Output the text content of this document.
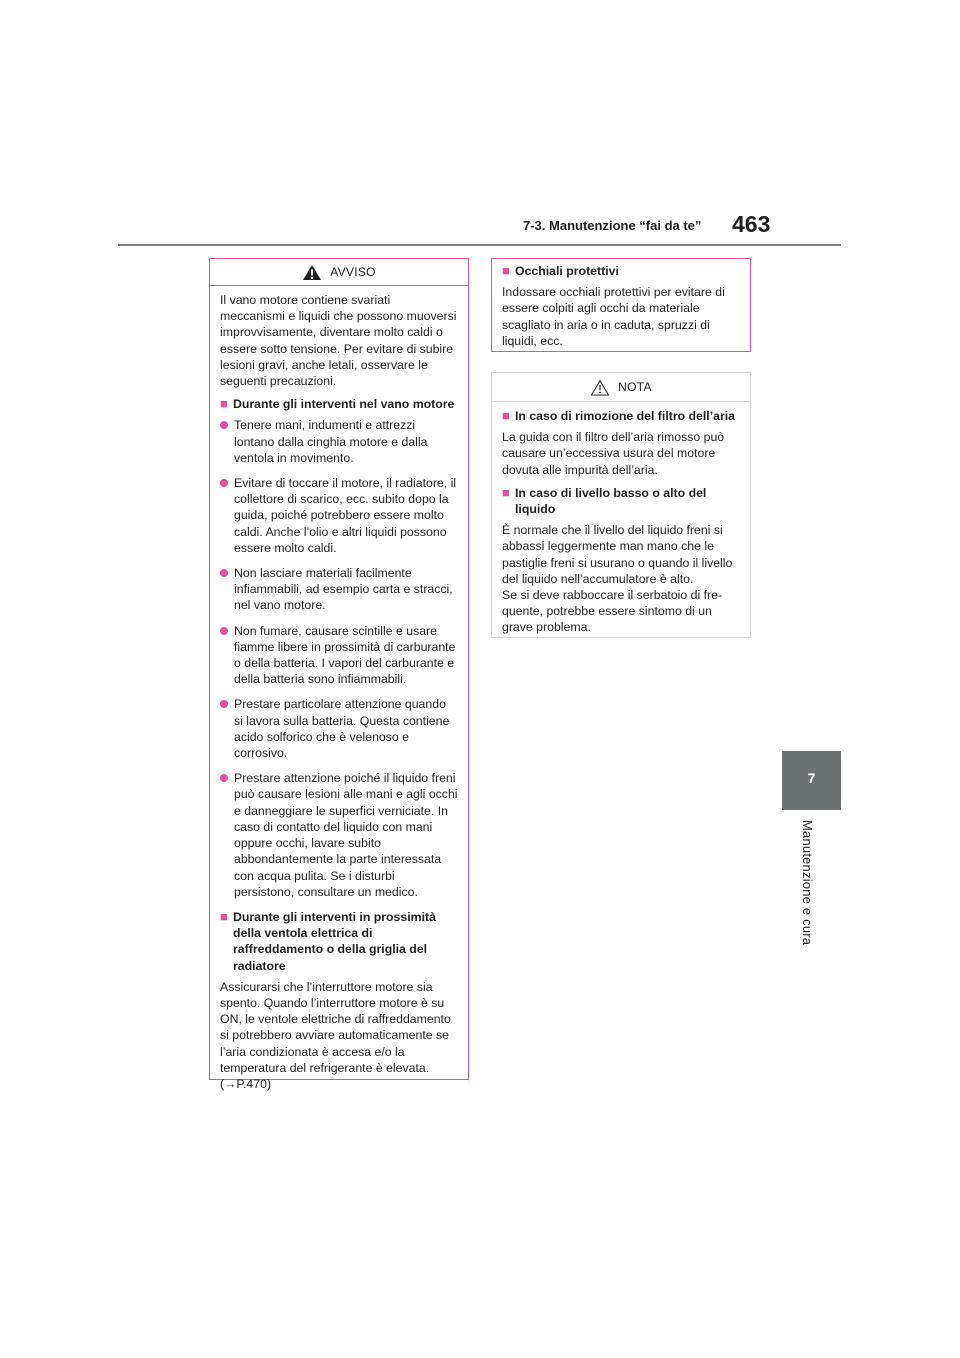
7-3. Manutenzione “fai da te” 463
7
Manutenzione e cura
AVVISO

Il vano motore contiene svariati meccanismi e liquidi che possono muoversi improvvisamente, diventare molto caldi o essere sotto tensione. Per evitare di subire lesioni gravi, anche letali, osservare le seguenti precauzioni.

■ Durante gli interventi nel vano motore
Tenere mani, indumenti e attrezzi lontano dalla cinghia motore e dalla ventola in movimento.
Evitare di toccare il motore, il radiatore, il collettore di scarico, ecc. subito dopo la guida, poiché potrebbero essere molto caldi. Anche l’olio e altri liquidi possono essere molto caldi.
Non lasciare materiali facilmente infiammabili, ad esempio carta e stracci, nel vano motore.
Non fumare, causare scintille e usare fiamme libere in prossimità di carburante o della batteria. I vapori del carburante e della batteria sono infiammabili.
Prestare particolare attenzione quando si lavora sulla batteria. Questa contiene acido solforico che è velenoso e corrosivo.
Prestare attenzione poiché il liquido freni può causare lesioni alle mani e agli occhi e danneggiare le superfici verniciate. In caso di contatto del liquido con mani oppure occhi, lavare subito abbondantemente la parte interessata con acqua pulita. Se i disturbi persistono, consultare un medico.
■ Durante gli interventi in prossimità della ventola elettrica di raffreddamento o della griglia del radiatore

Assicurarsi che l’interruttore motore sia spento. Quando l’interruttore motore è su ON, le ventole elettriche di raffreddamento si potrebbero avviare automaticamente se l’aria condizionata è accesa e/o la temperatura del refrigerante è elevata. (→P.470)

■ Occhiali protettivi

Indossare occhiali protettivi per evitare di essere colpiti agli occhi da materiale scagliato in aria o in caduta, spruzzi di liquidi, ecc.

NOTA
■ In caso di rimozione del filtro dell’aria

La guida con il filtro dell’aria rimosso può causare un’eccessiva usura del motore dovuta alle impurità dell’aria.

■ In caso di livello basso o alto del liquido

È normale che il livello del liquido freni si abbassi leggermente man mano che le pastiglie freni si usurano o quando il livello del liquido nell’accumulatore è alto.

Se si deve rabboccare il serbatoio di frequente, potrebbe essere sintomo di un grave problema.
